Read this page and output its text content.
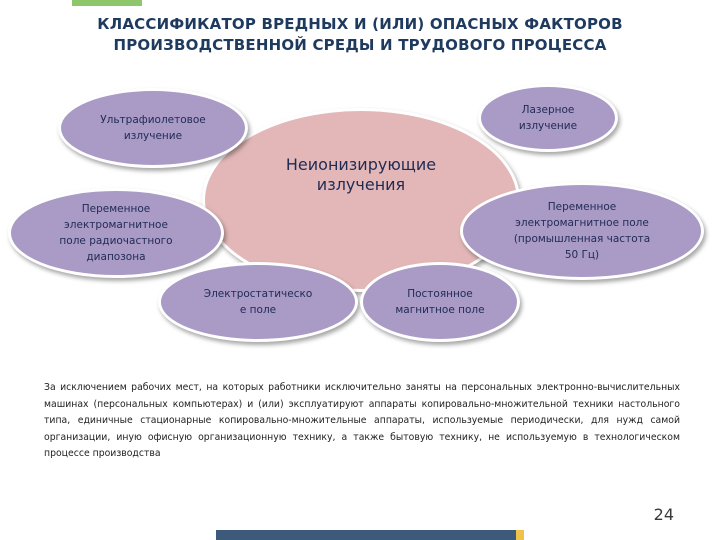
КЛАССИФИКАТОР ВРЕДНЫХ И (ИЛИ) ОПАСНЫХ ФАКТОРОВ
ПРОИЗВОДСТВЕННОЙ СРЕДЫ И ТРУДОВОГО ПРОЦЕССА
Неионизирующие
излучения
Ультрафиолетовое
излучение
Лазерное
излучение
Переменное
электромагнитное
поле радиочастного
диапозона
Переменное
электромагнитное поле
(промышленная частота
50 Гц)
Электростатическо
е поле
Постоянное
магнитное поле
За исключением рабочих мест, на которых работники исключительно заняты на персональных электронно-вычислительных машинах (персональных компьютерах) и (или) эксплуатируют аппараты копировально-множительной техники настольного типа, единичные стационарные копировально-множительные аппараты, используемые периодически, для нужд самой организации, иную офисную организационную технику, а также бытовую технику, не используемую в технологическом процессе производства
24
